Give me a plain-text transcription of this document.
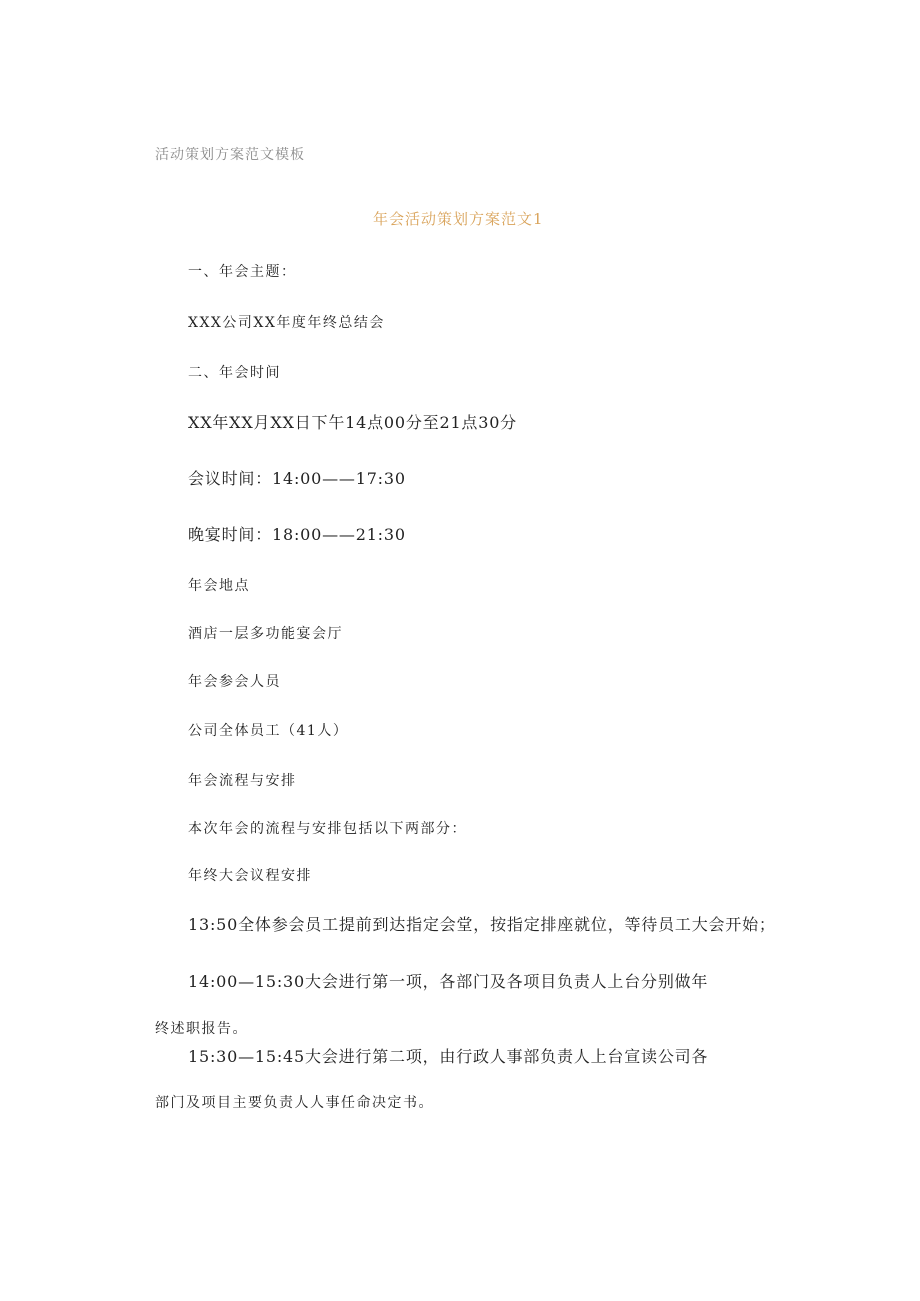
活动策划方案范文模板

年会活动策划方案范文1

一、年会主题：

XXX公司XX年度年终总结会

二、年会时间

XX年XX月XX日下午14点00分至21点30分

会议时间：14:00——17:30

晚宴时间：18:00——21:30

年会地点

酒店一层多功能宴会厅

年会参会人员

公司全体员工（41人）

年会流程与安排

本次年会的流程与安排包括以下两部分：

年终大会议程安排

13:50全体参会员工提前到达指定会堂，按指定排座就位，等待员工大会开始；

14:00—15:30大会进行第一项，各部门及各项目负责人上台分别做年

终述职报告。

15:30—15:45大会进行第二项，由行政人事部负责人上台宣读公司各

部门及项目主要负责人人事任命决定书。
